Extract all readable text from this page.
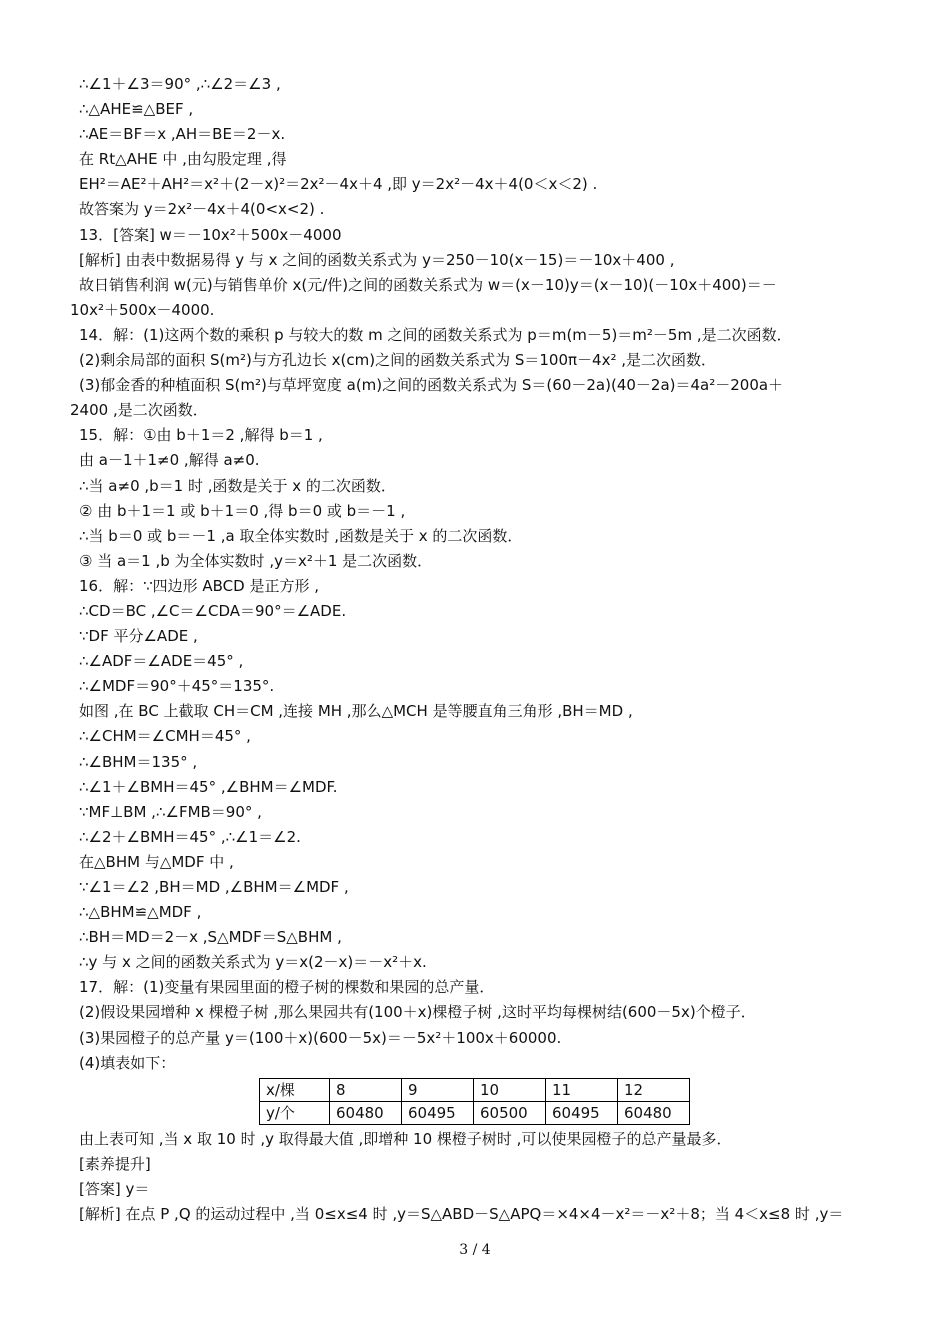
∴∠1＋∠3＝90° ,∴∠2＝∠3 ,
∴△AHE≌△BEF ,
∴AE＝BF＝x ,AH＝BE＝2－x.
在 Rt△AHE 中 ,由勾股定理 ,得
EH²＝AE²＋AH²＝x²＋(2－x)²＝2x²－4x＋4 ,即 y＝2x²－4x＋4(0＜x＜2) .
故答案为 y＝2x²－4x＋4(0<x<2) .
13．[答案] w＝－10x²＋500x－4000
[解析] 由表中数据易得 y 与 x 之间的函数关系式为 y＝250－10(x－15)＝－10x＋400 ,
故日销售利润 w(元)与销售单价 x(元/件)之间的函数关系式为 w＝(x－10)y＝(x－10)(－10x＋400)＝－
10x²＋500x－4000.
14．解：(1)这两个数的乘积 p 与较大的数 m 之间的函数关系式为 p＝m(m－5)＝m²－5m ,是二次函数．
(2)剩余局部的面积 S(m²)与方孔边长 x(cm)之间的函数关系式为 S＝100π－4x² ,是二次函数．
(3)郁金香的种植面积 S(m²)与草坪宽度 a(m)之间的函数关系式为 S＝(60－2a)(40－2a)＝4a²－200a＋
2400 ,是二次函数．
15．解：①由 b＋1＝2 ,解得 b＝1 ,
由 a－1＋1≠0 ,解得 a≠0.
∴当 a≠0 ,b＝1 时 ,函数是关于 x 的二次函数．
② 由 b＋1＝1 或 b＋1＝0 ,得 b＝0 或 b＝－1 ,
∴当 b＝0 或 b＝－1 ,a 取全体实数时 ,函数是关于 x 的二次函数．
③ 当 a＝1 ,b 为全体实数时 ,y＝x²＋1 是二次函数．
16．解：∵四边形 ABCD 是正方形 ,
∴CD＝BC ,∠C＝∠CDA＝90°＝∠ADE.
∵DF 平分∠ADE ,
∴∠ADF＝∠ADE＝45° ,
∴∠MDF＝90°＋45°＝135°.
如图 ,在 BC 上截取 CH＝CM ,连接 MH ,那么△MCH 是等腰直角三角形 ,BH＝MD ,
∴∠CHM＝∠CMH＝45° ,
∴∠BHM＝135° ,
∴∠1＋∠BMH＝45° ,∠BHM＝∠MDF.
∵MF⊥BM ,∴∠FMB＝90° ,
∴∠2＋∠BMH＝45° ,∴∠1＝∠2.
在△BHM 与△MDF 中 ,
∵∠1＝∠2 ,BH＝MD ,∠BHM＝∠MDF ,
∴△BHM≌△MDF ,
∴BH＝MD＝2－x ,S△MDF＝S△BHM ,
∴y 与 x 之间的函数关系式为 y＝x(2－x)＝－x²＋x.
17．解：(1)变量有果园里面的橙子树的棵数和果园的总产量．
(2)假设果园增种 x 棵橙子树 ,那么果园共有(100＋x)棵橙子树 ,这时平均每棵树结(600－5x)个橙子．
(3)果园橙子的总产量 y＝(100＋x)(600－5x)＝－5x²＋100x＋60000.
(4)填表如下：
x/棵	8	9	10	11	12
y/个	60480	60495	60500	60495	60480
由上表可知 ,当 x 取 10 时 ,y 取得最大值 ,即增种 10 棵橙子树时 ,可以使果园橙子的总产量最多．
[素养提升]
[答案] y＝
[解析] 在点 P ,Q 的运动过程中 ,当 0≤x≤4 时 ,y＝S△ABD－S△APQ＝×4×4－x²＝－x²＋8；当 4＜x≤8 时 ,y＝
3 / 4
